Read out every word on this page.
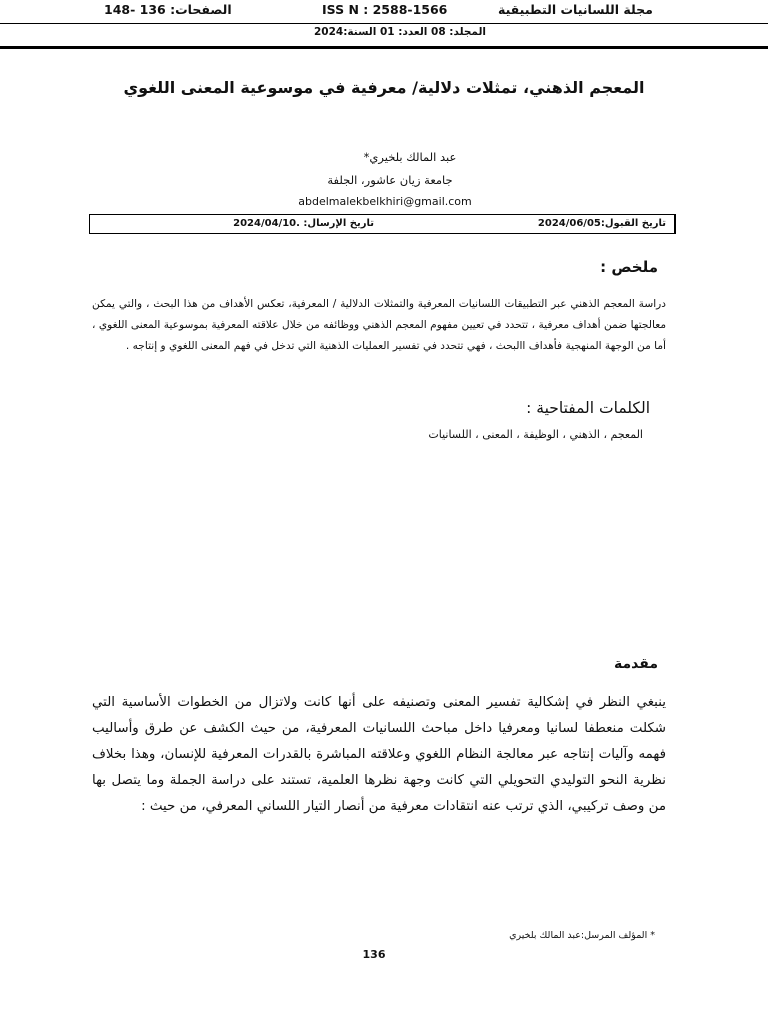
مجلة اللسانيات التطبيقية
ISS N : 2588-1566
الصفحات: 136 -148
المجلد: 08 العدد: 01 السنة:2024
المعجم الذهني، تمثلات دلالية/ معرفية في موسوعية المعنى اللغوي
عبد المالك بلخيري*
جامعة زيان عاشور، الجلفة
abdelmalekbelkhiri@gmail.com
تاريخ الإرسال: .2024/04/10	تاريخ القبول:2024/06/05
ملخص :
دراسة المعجم الذهني عبر التطبيقات اللسانيات المعرفية والتمثلات الدلالية / المعرفية، تعكس الأهداف من هذا البحث ، والتي يمكن معالجتها ضمن أهداف معرفية ، تتحدد في تعيين مفهوم المعجم الذهني ووظائفه من خلال علاقته المعرفية بموسوعية المعنى اللغوي ، أما من الوجهة المنهجية فأهداف االبحث ، فهي تتحدد في تفسير العمليات الذهنية التي تدخل في فهم المعنى اللغوي و إنتاجه .
الكلمات المفتاحية :
المعجم ، الذهني ، الوظيفة ، المعنى ، اللسانيات
مقدمة
ينبغي النظر في إشكالية تفسير المعنى وتصنيفه على أنها كانت ولاتزال من الخطوات الأساسية التي شكلت منعطفا لسانيا ومعرفيا داخل مباحث اللسانيات المعرفية، من حيث الكشف عن طرق وأساليب فهمه وآليات إنتاجه عبر معالجة النظام اللغوي وعلاقته المباشرة بالقدرات المعرفية للإنسان، وهذا بخلاف نظرية النحو التوليدي التحويلي التي كانت وجهة نظرها العلمية، تستند على دراسة الجملة وما يتصل بها من وصف تركيبي، الذي ترتب عنه انتقادات معرفية من أنصار التيار اللساني المعرفي، من حيث :
* المؤلف المرسل:عبد المالك بلخيري
136
